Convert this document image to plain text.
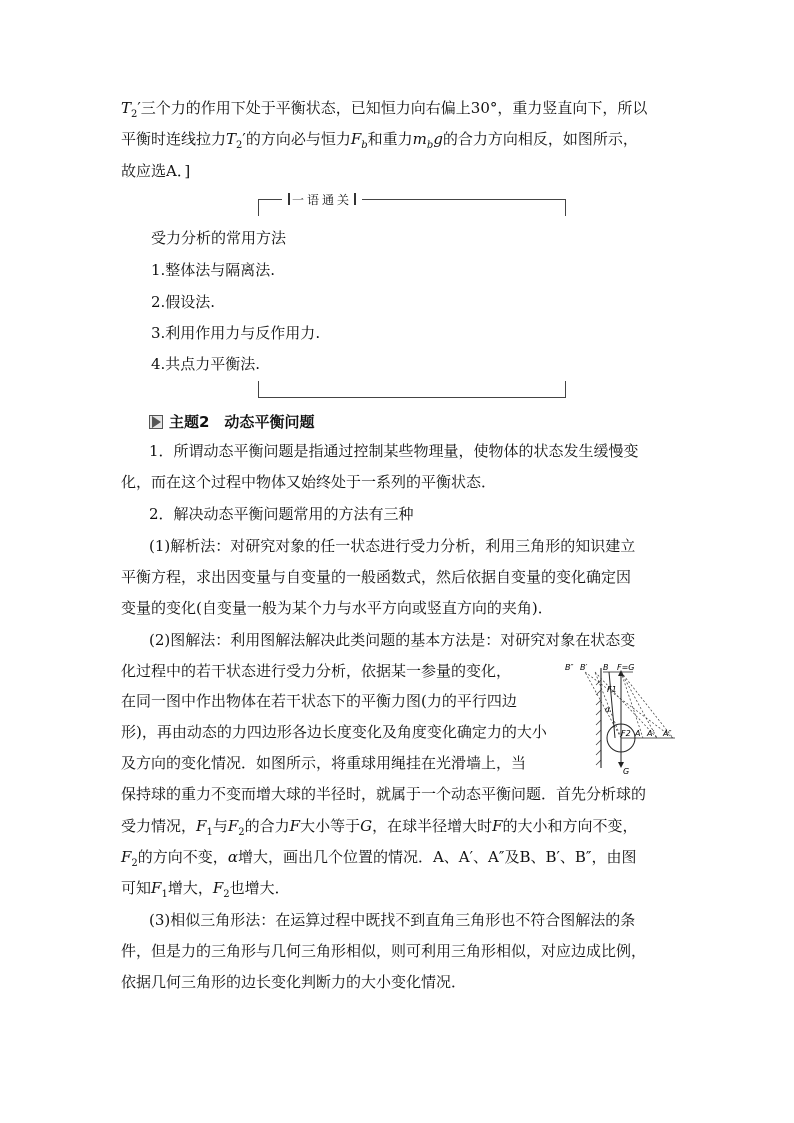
$T_2'$三个力的作用下处于平衡状态，已知恒力向右偏上30°，重力竖直向下，所以
平衡时连线拉力$T_2'$的方向必与恒力$F_b$和重力$m_bg$的合力方向相反，如图所示，
故应选A．]
一语通关
受力分析的常用方法
1.整体法与隔离法.
2.假设法.
3.利用作用力与反作用力.
4.共点力平衡法.
主题2　动态平衡问题
1．所谓动态平衡问题是指通过控制某些物理量，使物体的状态发生缓慢变
化，而在这个过程中物体又始终处于一系列的平衡状态．
2．解决动态平衡问题常用的方法有三种
(1)解析法：对研究对象的任一状态进行受力分析，利用三角形的知识建立
平衡方程，求出因变量与自变量的一般函数式，然后依据自变量的变化确定因
变量的变化(自变量一般为某个力与水平方向或竖直方向的夹角)．
(2)图解法：利用图解法解决此类问题的基本方法是：对研究对象在状态变
化过程中的若干状态进行受力分析，依据某一参量的变化，
在同一图中作出物体在若干状态下的平衡力图(力的平行四边
形)，再由动态的力四边形各边长度变化及角度变化确定力的大小
及方向的变化情况．如图所示，将重球用绳挂在光滑墙上，当
保持球的重力不变而增大球的半径时，就属于一个动态平衡问题．首先分析球的
受力情况，$F_1$与$F_2$的合力F大小等于G，在球半径增大时F的大小和方向不变，
$F_2$的方向不变，α增大，画出几个位置的情况．A、A′、A″及B、B′、B″，由图
可知$F_1$增大，$F_2$也增大．
(3)相似三角形法：在运算过程中既找不到直角三角形也不符合图解法的条
件，但是力的三角形与几何三角形相似，则可利用三角形相似，对应边成比例，
依据几何三角形的边长变化判断力的大小变化情况．
B″ B′ B F=G
F1
α
F2 A A′ A″
G
